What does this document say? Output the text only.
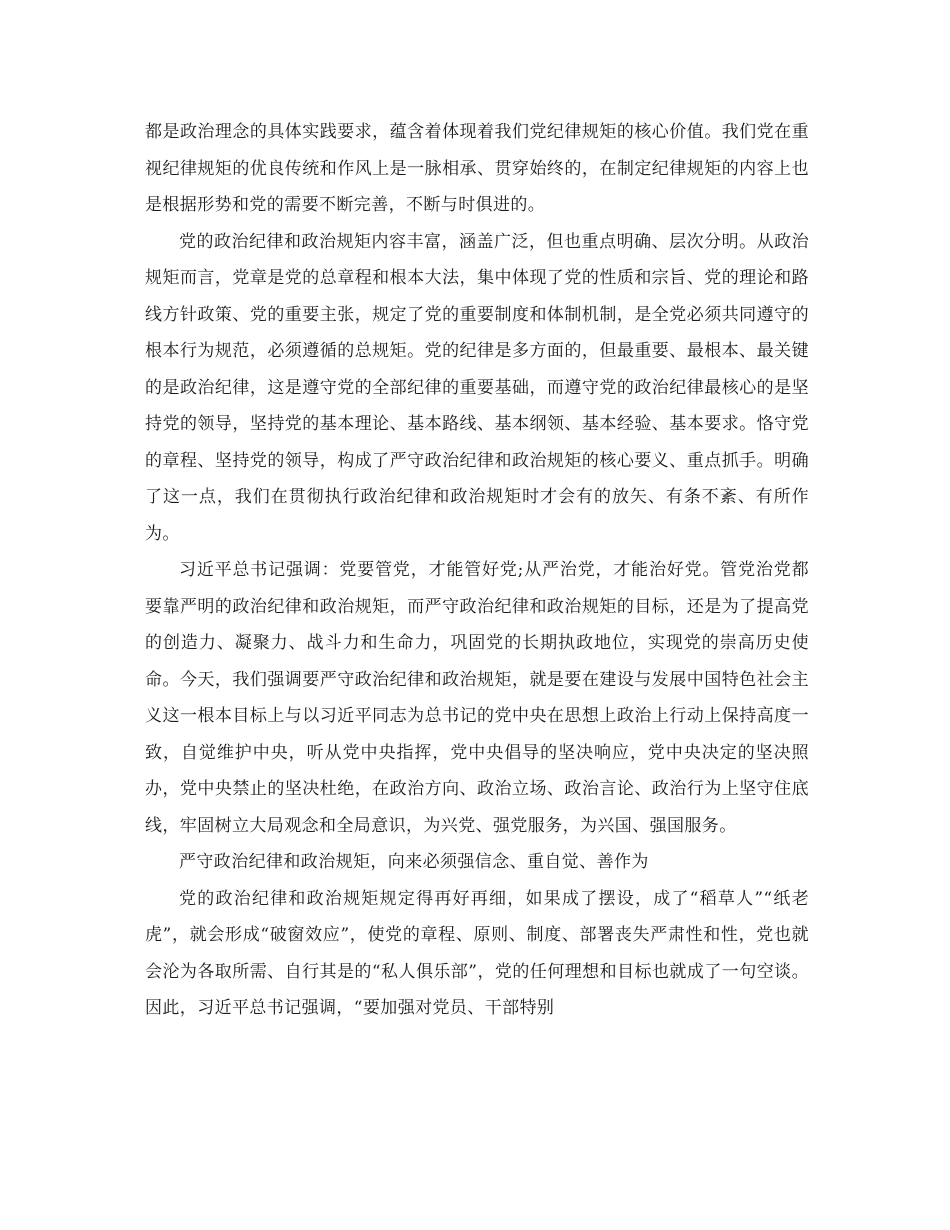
都是政治理念的具体实践要求，蕴含着体现着我们党纪律规矩的核心价值。我们党在重视纪律规矩的优良传统和作风上是一脉相承、贯穿始终的，在制定纪律规矩的内容上也是根据形势和党的需要不断完善，不断与时俱进的。

党的政治纪律和政治规矩内容丰富，涵盖广泛，但也重点明确、层次分明。从政治规矩而言，党章是党的总章程和根本大法，集中体现了党的性质和宗旨、党的理论和路线方针政策、党的重要主张，规定了党的重要制度和体制机制，是全党必须共同遵守的根本行为规范，必须遵循的总规矩。党的纪律是多方面的，但最重要、最根本、最关键的是政治纪律，这是遵守党的全部纪律的重要基础，而遵守党的政治纪律最核心的是坚持党的领导，坚持党的基本理论、基本路线、基本纲领、基本经验、基本要求。恪守党的章程、坚持党的领导，构成了严守政治纪律和政治规矩的核心要义、重点抓手。明确了这一点，我们在贯彻执行政治纪律和政治规矩时才会有的放矢、有条不紊、有所作为。

习近平总书记强调：党要管党，才能管好党;从严治党，才能治好党。管党治党都要靠严明的政治纪律和政治规矩，而严守政治纪律和政治规矩的目标，还是为了提高党的创造力、凝聚力、战斗力和生命力，巩固党的长期执政地位，实现党的崇高历史使命。今天，我们强调要严守政治纪律和政治规矩，就是要在建设与发展中国特色社会主义这一根本目标上与以习近平同志为总书记的党中央在思想上政治上行动上保持高度一致，自觉维护中央，听从党中央指挥，党中央倡导的坚决响应，党中央决定的坚决照办，党中央禁止的坚决杜绝，在政治方向、政治立场、政治言论、政治行为上坚守住底线，牢固树立大局观念和全局意识，为兴党、强党服务，为兴国、强国服务。

严守政治纪律和政治规矩，向来必须强信念、重自觉、善作为

党的政治纪律和政治规矩规定得再好再细，如果成了摆设，成了“稻草人”“纸老虎”，就会形成“破窗效应”，使党的章程、原则、制度、部署丧失严肃性和性，党也就会沦为各取所需、自行其是的“私人俱乐部”，党的任何理想和目标也就成了一句空谈。因此，习近平总书记强调，“要加强对党员、干部特别
